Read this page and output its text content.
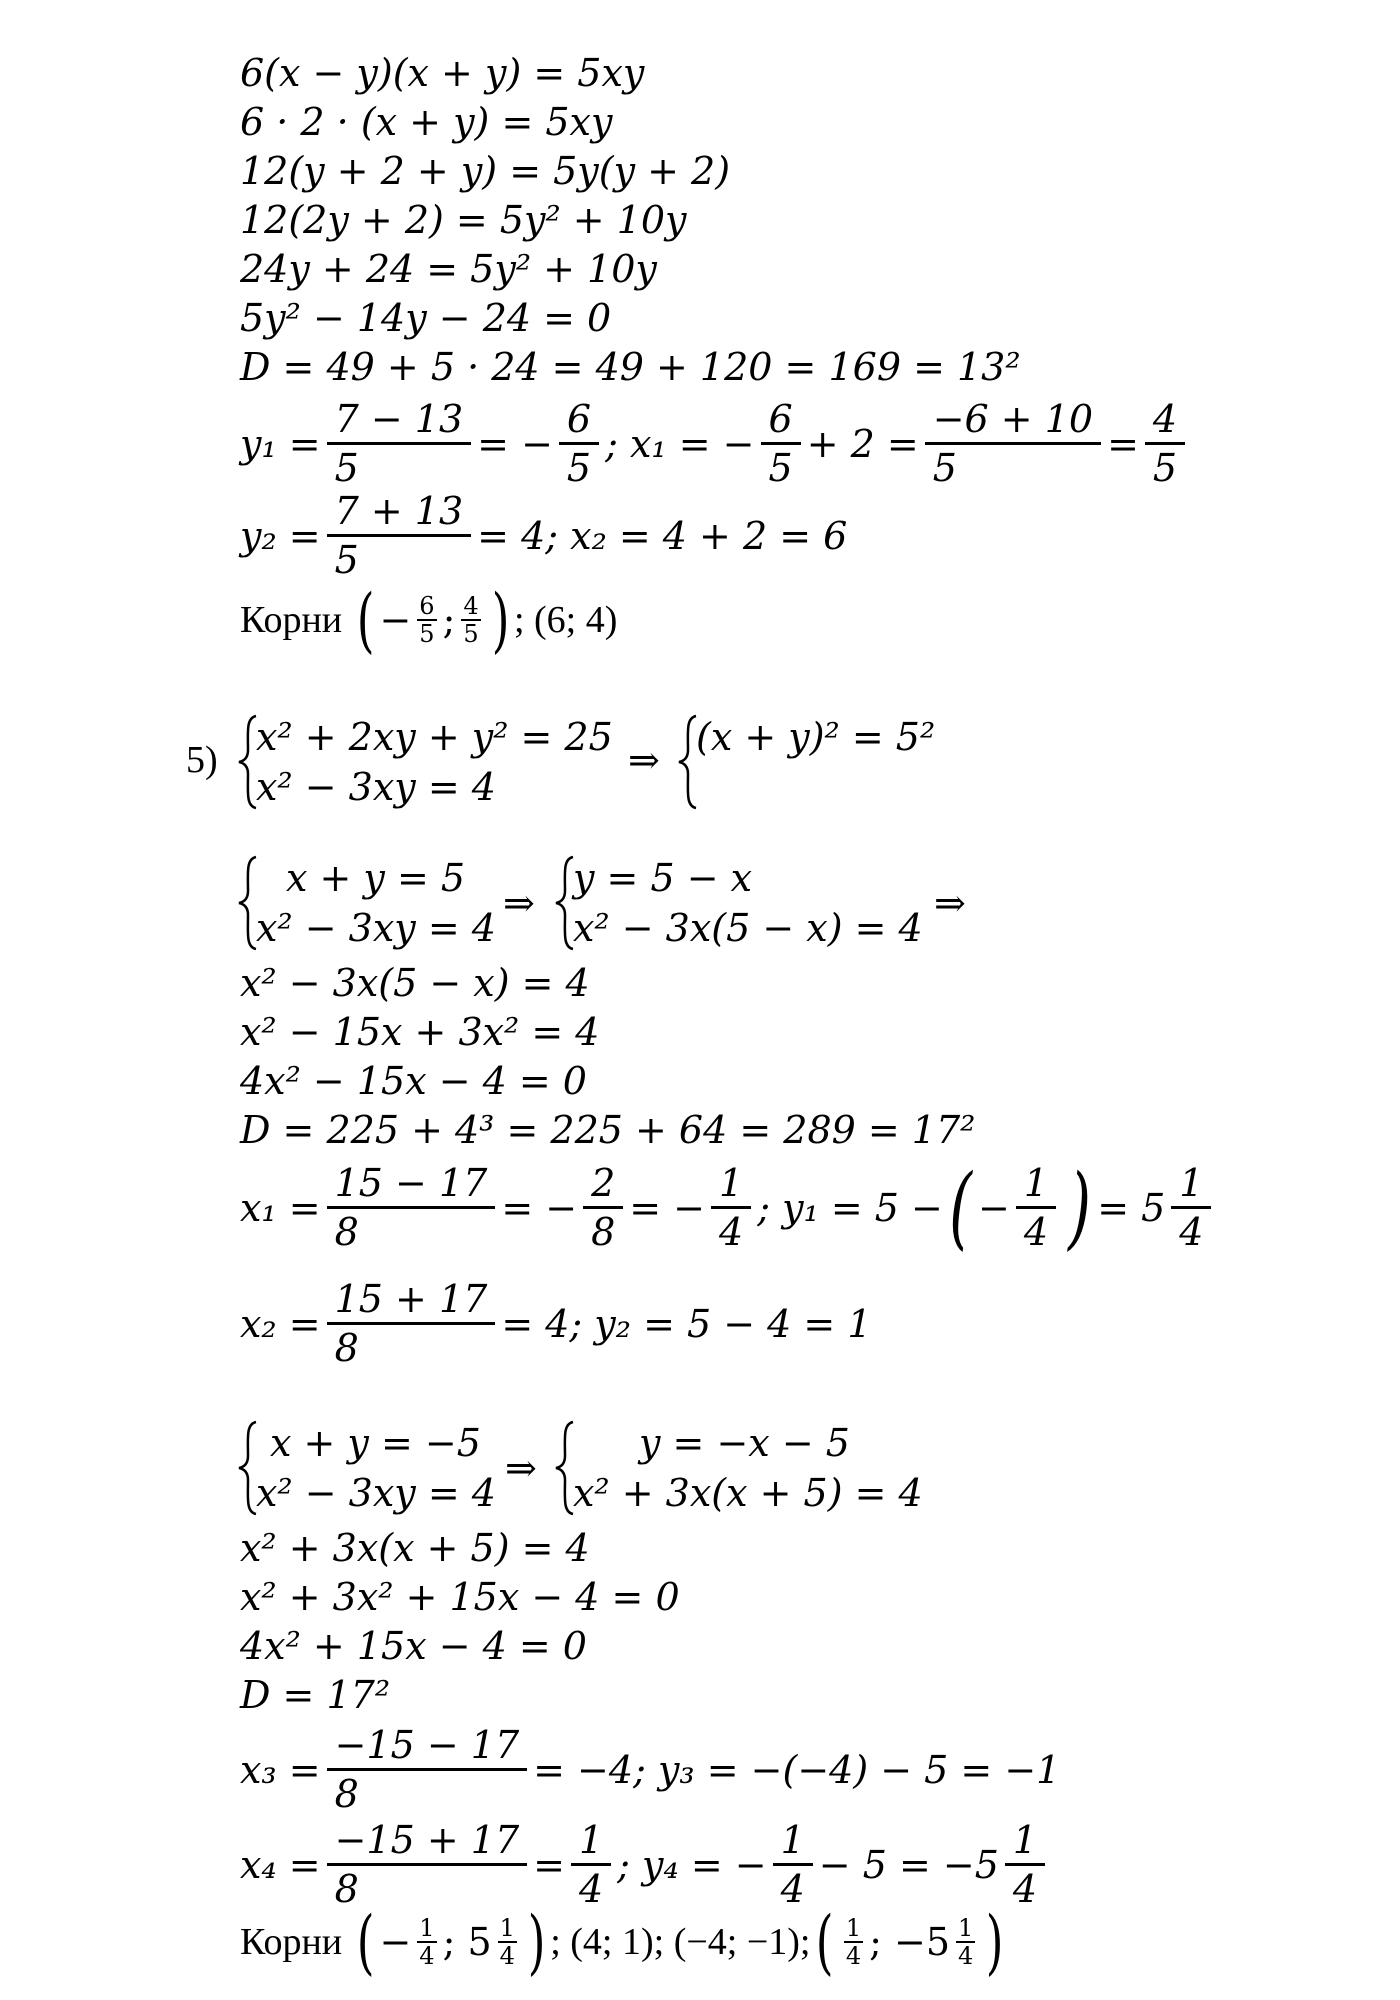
6(x − y)(x + y) = 5xy
6 · 2 · (x + y) = 5xy
12(y + 2 + y) = 5y(y + 2)
12(2y + 2) = 5y² + 10y
24y + 24 = 5y² + 10y
5y² − 14y − 24 = 0
D = 49 + 5 · 24 = 49 + 120 = 169 = 13²
$y_1 = \frac{7 - 13}{5}$ = − $\frac{6}{5}$ ; x₁ = − $\frac{6}{5} + 2 = \frac{-6 + 10}{5} = \frac{4}{5}$
$y_2 = \frac{7 + 13}{5} = 4$; x₂ = 4 + 2 = 6
Корни ( − $\frac{6}{5}$ ; $\frac{4}{5}$ ) ; (6; 4)
5)
x² + 2xy + y² = 25
x² − 3xy = 4
⇒
(x + y)² = 5²
x + y = 5
x² − 3xy = 4
⇒
y = 5 − x
x² − 3x(5 − x) = 4
⇒
x² − 3x(5 − x) = 4
x² − 15x + 3x² = 4
4x² − 15x − 4 = 0
D = 225 + 4³ = 225 + 64 = 289 = 17²
$x_1 = \frac{15 - 17}{8}$ = − $\frac{2}{8}$ = − $\frac{1}{4}$ ; y₁ = 5 − ( − $\frac{1}{4}$ ) = $5 \frac{1}{4}$
$x_2 = \frac{15 + 17}{8} = 4$; y₂ = 5 − 4 = 1
x + y = −5
x² − 3xy = 4
⇒
y = −x − 5
x² + 3x(x + 5) = 4
x² + 3x(x + 5) = 4
x² + 3x² + 15x − 4 = 0
4x² + 15x − 4 = 0
D = 17²
$x_3 = \frac{-15 - 17}{8} = -4$; y₃ = −(−4) − 5 = −1
$x_4 = \frac{-15 + 17}{8} = \frac{1}{4}$ ; y₄ = − $\frac{1}{4} - 5 = -5 \frac{1}{4}$
Корни ( − $\frac{1}{4}$ ; $5 \frac{1}{4}$ ) ; (4; 1); (−4; −1); ( $\frac{1}{4}$ ; $-5 \frac{1}{4}$ )
